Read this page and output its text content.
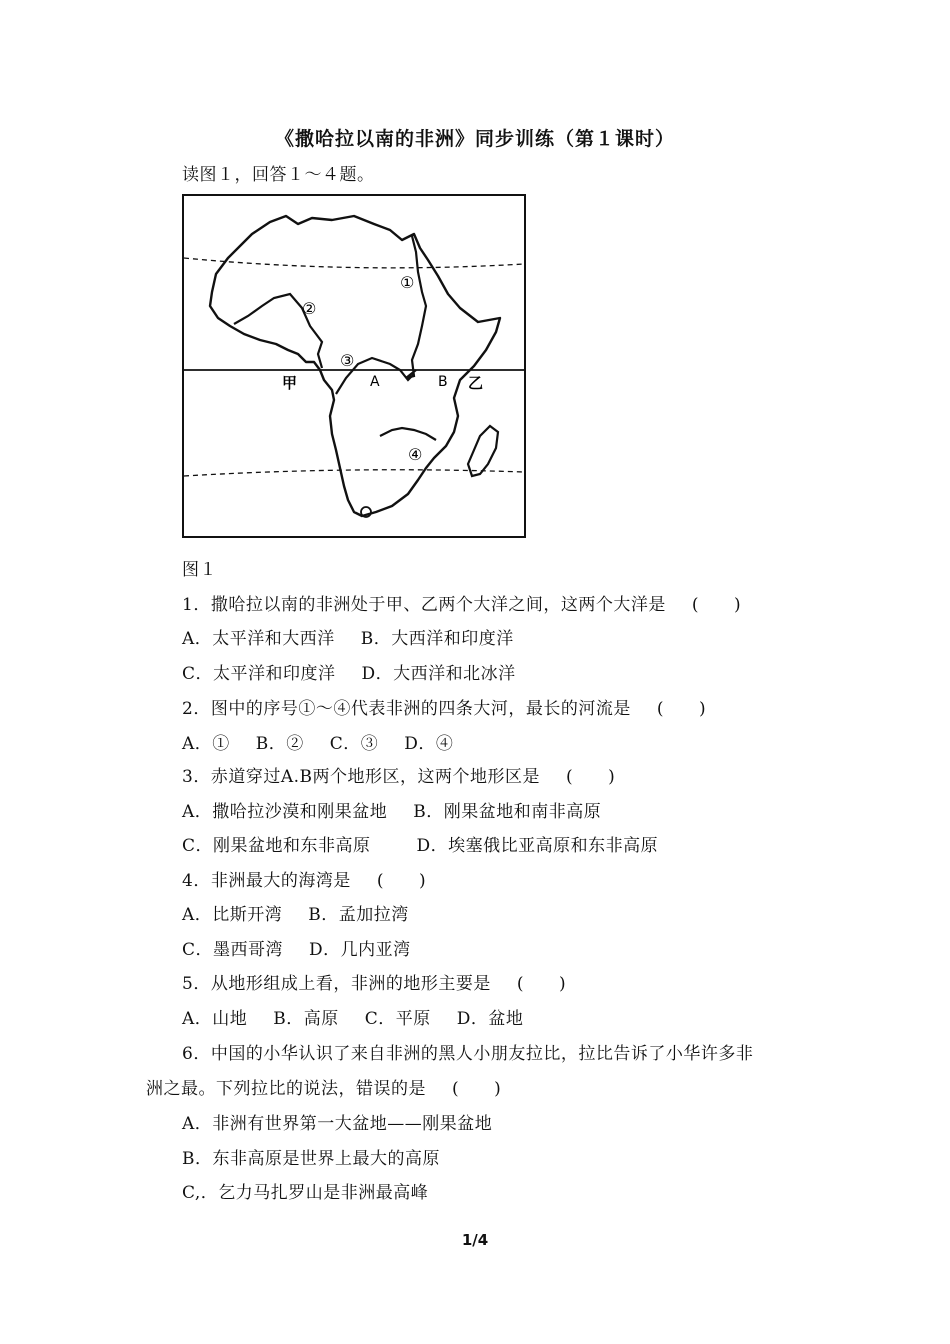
《撒哈拉以南的非洲》同步训练（第１课时）
读图１，回答１～４题。
①
②
③
④
甲	乙
A	B
图１
1．撒哈拉以南的非洲处于甲、乙两个大洋之间，这两个大洋是 (　　)
A．太平洋和大西洋 B．大西洋和印度洋
C．太平洋和印度洋 D．大西洋和北冰洋
2．图中的序号①～④代表非洲的四条大河，最长的河流是 (　　)
A．① B．② C．③ D．④
3．赤道穿过A.B两个地形区，这两个地形区是 (　　)
A．撒哈拉沙漠和刚果盆地 B．刚果盆地和南非高原
C．刚果盆地和东非高原	D．埃塞俄比亚高原和东非高原
4．非洲最大的海湾是 (　　)
A．比斯开湾 B．孟加拉湾
C．墨西哥湾 D．几内亚湾
5．从地形组成上看，非洲的地形主要是 (　　)
A．山地 B．高原 C．平原 D．盆地
6．中国的小华认识了来自非洲的黑人小朋友拉比，拉比告诉了小华许多非
洲之最。下列拉比的说法，错误的是 (　　)
A．非洲有世界第一大盆地——刚果盆地
B．东非高原是世界上最大的高原
C,．乞力马扎罗山是非洲最高峰
1/4
